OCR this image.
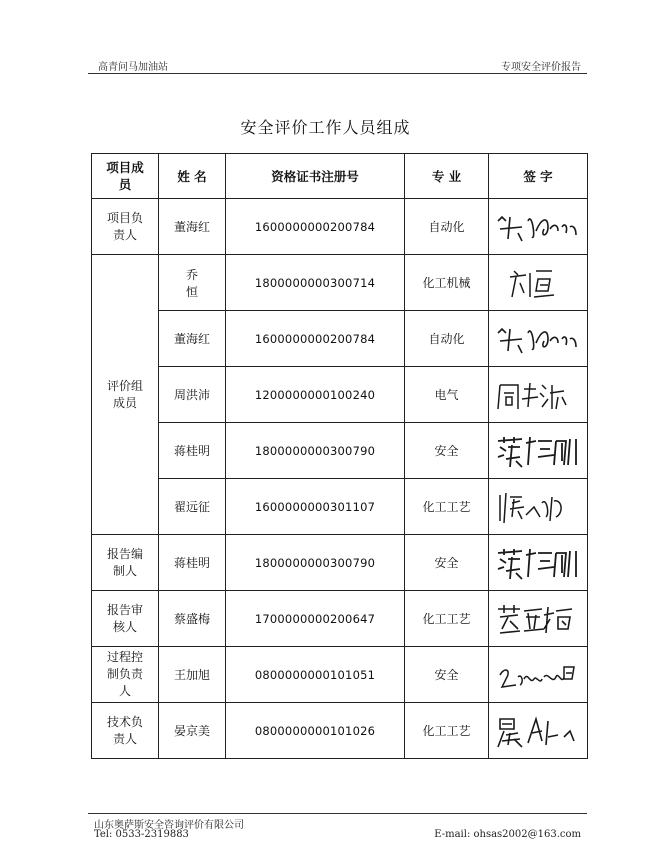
高青问马加油站	专项安全评价报告
安全评价工作人员组成
项目成员	姓 名	资格证书注册号	专 业	签 字
项目负责人	董海红	1600000000200784	自动化	

评价组成员	乔 恒	1800000000300714	化工机械	

	董海红	1600000000200784	自动化	

	周洪沛	1200000000100240	电气	

	蒋桂明	1800000000300790	安全	

	翟远征	1600000000301107	化工工艺	

报告编制人	蒋桂明	1800000000300790	安全	

报告审核人	蔡盛梅	1700000000200647	化工工艺	

过程控制负责人	王加旭	0800000000101051	安全	

技术负责人	晏京美	0800000000101026	化工工艺	
山东奥萨斯安全咨询评价有限公司
Tel: 0533-2319883	E-mail: ohsas2002@163.com
